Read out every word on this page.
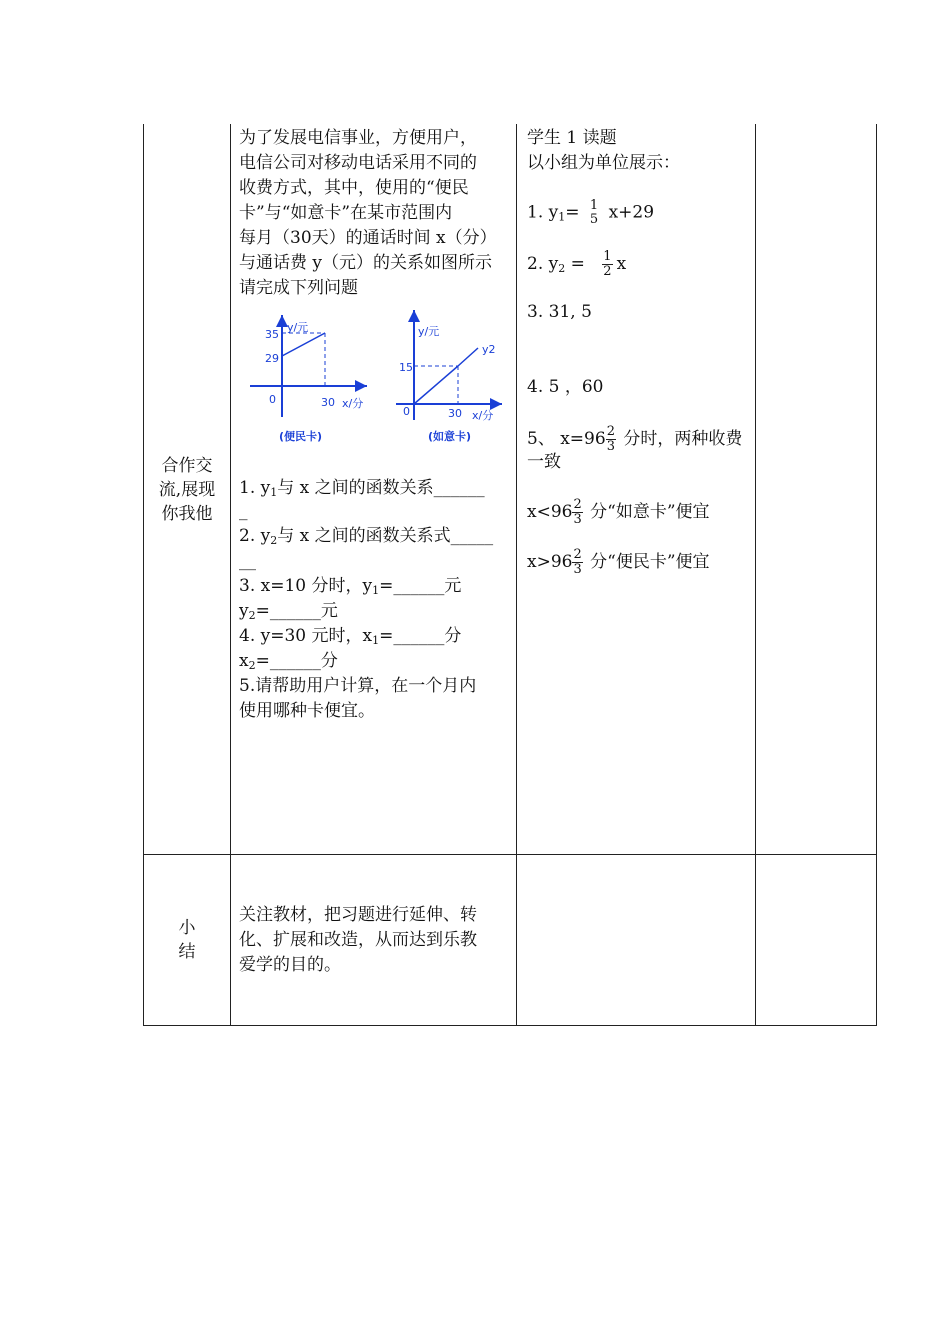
合作交
流,展现
你我他
为了发展电信事业，方便用户，
电信公司对移动电话采用不同的
收费方式，其中，使用的“便民
卡”与“如意卡”在某市范围内
每月（30天）的通话时间 x（分）
与通话费 y（元）的关系如图所示
请完成下列问题
35
29
y/元
0	30 x/分
(便民卡)
y/元
15
y2
0	30 x/分
(如意卡)
1. $y_1$与 x 之间的函数关系______
_
2. $y_2$与 x 之间的函数关系式_____
__
3. x=10 分时，$y_1=\_\_\_\_\_\_$元
$y_2=\_\_\_\_\_\_$元
4. y=30 元时，$x_1=\_\_\_\_\_\_$分
$x_2=\_\_\_\_\_\_$分
5.请帮助用户计算，在一个月内
使用哪种卡便宜。
学生 1 读题
以小组为单位展示：
1. $y_1= 1$
5 x+29
2. $y_2 = \frac{1}{2}$ x
3. 31, 5
4. 5 ，60
5、 $x=96 \frac{2}{3}$ 分时，两种收费
一致
$x<96 \frac{2}{3}$ 分“如意卡”便宜
$x>96 \frac{2}{3}$ 分“便民卡”便宜
小
结
关注教材，把习题进行延伸、转
化、扩展和改造，从而达到乐教
爱学的目的。
